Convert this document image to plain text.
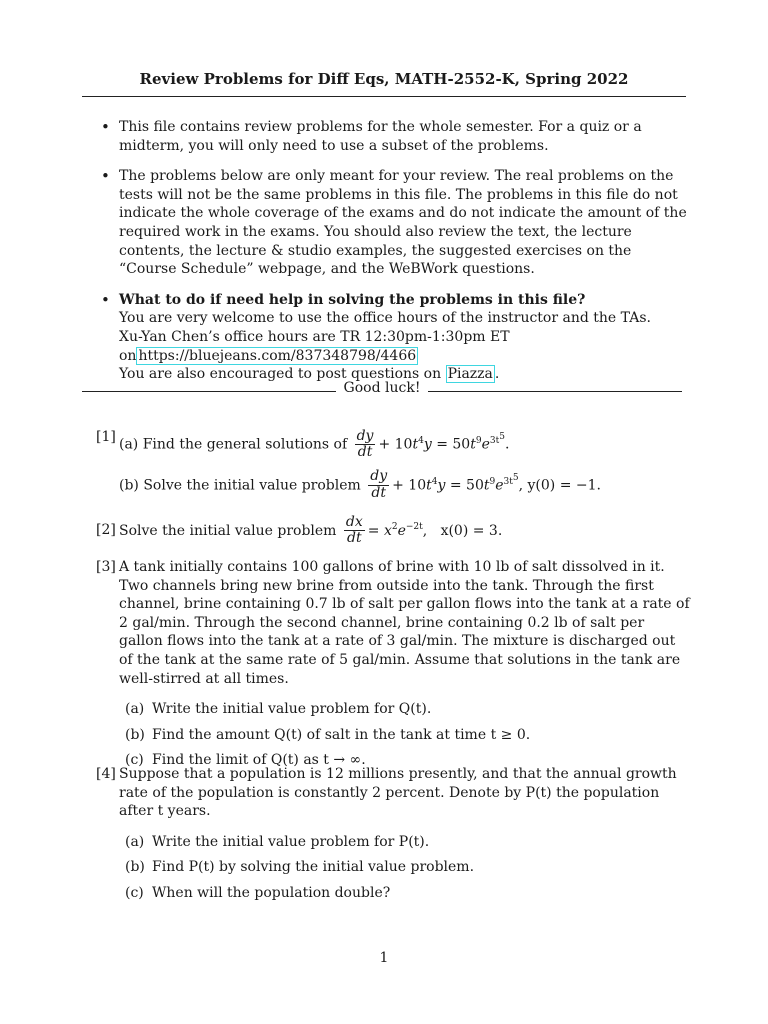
Review Problems for Diff Eqs, MATH-2552-K, Spring 2022
• This file contains review problems for the whole semester. For a quiz or a midterm, you will only need to use a subset of the problems.
• The problems below are only meant for your review. The real problems on the tests will not be the same problems in this file. The problems in this file do not indicate the whole coverage of the exams and do not indicate the amount of the required work in the exams. You should also review the text, the lecture contents, the lecture & studio examples, the suggested exercises on the “Course Schedule” webpage, and the WeBWork questions.
• What to do if need help in solving the problems in this file?
You are very welcome to use the office hours of the instructor and the TAs.
Xu-Yan Chen’s office hours are TR 12:30pm-1:30pm ET on https://bluejeans.com/837348798/4466
You are also encouraged to post questions on Piazza .
Good luck!
[1] (a) Find the general solutions of $\frac{dy}{dt} + 10t^4y = 50t^9e^{3t^5}$.
(b) Solve the initial value problem $\frac{dy}{dt} + 10t^4y = 50t^9e^{3t^5}$, y(0) = −1.
[2] Solve the initial value problem $\frac{dx}{dt} = x^2e^{-2t}$,   x(0) = 3.
[3] A tank initially contains 100 gallons of brine with 10 lb of salt dissolved in it. Two channels bring new brine from outside into the tank. Through the first channel, brine containing 0.7 lb of salt per gallon flows into the tank at a rate of 2 gal/min. Through the second channel, brine containing 0.2 lb of salt per gallon flows into the tank at a rate of 3 gal/min. The mixture is discharged out of the tank at the same rate of 5 gal/min. Assume that solutions in the tank are well-stirred at all times.
(a) Write the initial value problem for Q(t).
(b) Find the amount Q(t) of salt in the tank at time t ≥ 0.
(c) Find the limit of Q(t) as t → ∞.
[4] Suppose that a population is 12 millions presently, and that the annual growth rate of the population is constantly 2 percent. Denote by P(t) the population after t years.
(a) Write the initial value problem for P(t).
(b) Find P(t) by solving the initial value problem.
(c) When will the population double?
1
